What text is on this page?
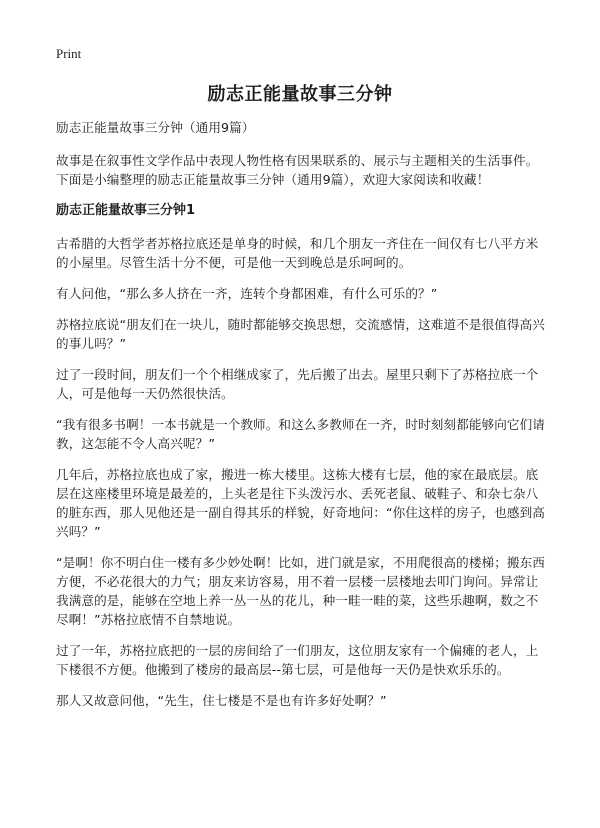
Print
励志正能量故事三分钟

励志正能量故事三分钟（通用9篇）

故事是在叙事性文学作品中表现人物性格有因果联系的、展示与主题相关的生活事件。下面是小编整理的励志正能量故事三分钟（通用9篇），欢迎大家阅读和收藏！

励志正能量故事三分钟1

古希腊的大哲学者苏格拉底还是单身的时候，和几个朋友一齐住在一间仅有七八平方米的小屋里。尽管生活十分不便，可是他一天到晚总是乐呵呵的。

有人问他，“那么多人挤在一齐，连转个身都困难，有什么可乐的？”

苏格拉底说“朋友们在一块儿，随时都能够交换思想，交流感情，这难道不是很值得高兴的事儿吗？”

过了一段时间，朋友们一个个相继成家了，先后搬了出去。屋里只剩下了苏格拉底一个人，可是他每一天仍然很快活。

“我有很多书啊！一本书就是一个教师。和这么多教师在一齐，时时刻刻都能够向它们请教，这怎能不令人高兴呢？”

几年后，苏格拉底也成了家，搬进一栋大楼里。这栋大楼有七层，他的家在最底层。底层在这座楼里环境是最差的，上头老是往下头泼污水、丢死老鼠、破鞋子、和杂七杂八的脏东西，那人见他还是一副自得其乐的样貌，好奇地问：“你住这样的房子，也感到高兴吗？”

“是啊！你不明白住一楼有多少妙处啊！比如，进门就是家，不用爬很高的楼梯；搬东西方便，不必花很大的力气；朋友来访容易，用不着一层楼一层楼地去叩门询问。异常让我满意的是，能够在空地上养一丛一丛的花儿，种一畦一畦的菜，这些乐趣啊，数之不尽啊！”苏格拉底情不自禁地说。

过了一年，苏格拉底把的一层的房间给了一们朋友，这位朋友家有一个偏瘫的老人，上下楼很不方便。他搬到了楼房的最高层--第七层，可是他每一天仍是快欢乐乐的。

那人又故意问他，“先生，住七楼是不是也有许多好处啊？”
